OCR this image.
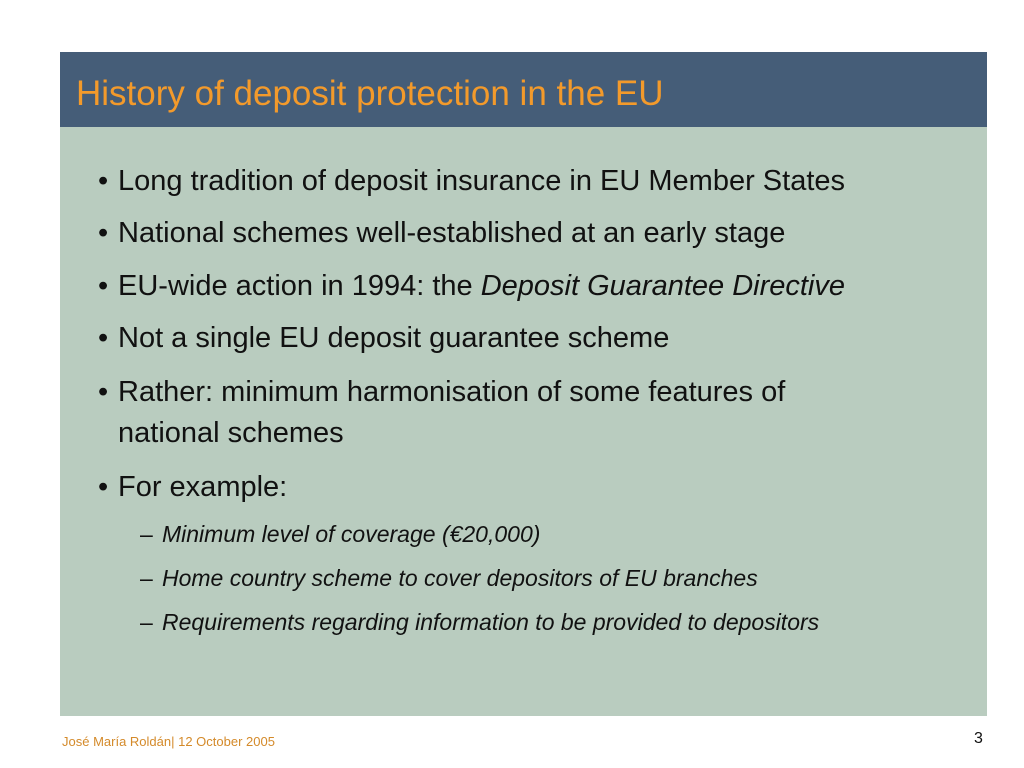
History of deposit protection in the EU
• Long tradition of deposit insurance in EU Member States
• National schemes well-established at an early stage
• EU-wide action in 1994: the Deposit Guarantee Directive
• Not a single EU deposit guarantee scheme
• Rather: minimum harmonisation of some features of
national schemes
• For example:
– Minimum level of coverage (€20,000)
– Home country scheme to cover depositors of EU branches
– Requirements regarding information to be provided to depositors
José María Roldán| 12 October 2005	3
